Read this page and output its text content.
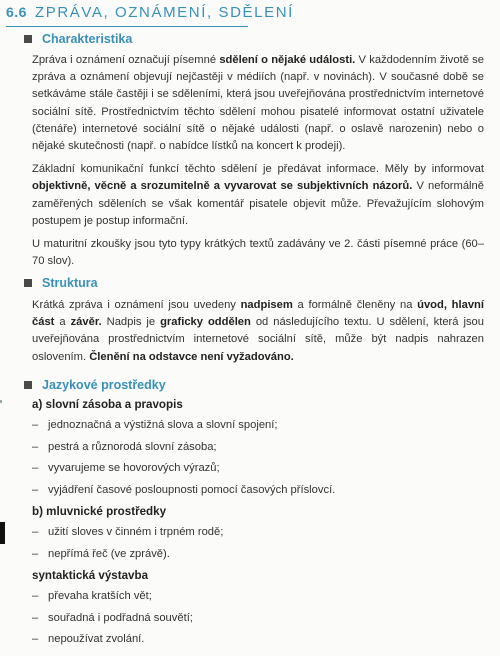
6.6 ZPRÁVA, OZNÁMENÍ, SDĚLENÍ
Charakteristika

Zpráva i oznámení označují písemné sdělení o nějaké události. V každodenním životě se zpráva a oznámení objevují nejčastěji v médiích (např. v novinách). V současné době se setkáváme stále častěji i se sděleními, která jsou uveřejňována prostřednictvím internetové sociální sítě. Prostřednictvím těchto sdělení mohou pisatelé informovat ostatní uživatele (čtenáře) internetové sociální sítě o nějaké události (např. o oslavě narozenin) nebo o nějaké skutečnosti (např. o nabídce lístků na koncert k prodeji).

Základní komunikační funkcí těchto sdělení je předávat informace. Měly by informovat objektivně, věcně a srozumitelně a vyvarovat se subjektivních názorů. V neformálně zaměřených sděleních se však komentář pisatele objevit může. Převažujícím slohovým postupem je postup informační.

U maturitní zkoušky jsou tyto typy krátkých textů zadávány ve 2. části písemné práce (60–70 slov).

Struktura

Krátká zpráva i oznámení jsou uvedeny nadpisem a formálně členěny na úvod, hlavní část a závěr. Nadpis je graficky oddělen od následujícího textu. U sdělení, která jsou uveřejňována prostřednictvím internetové sociální sítě, může být nadpis nahrazen oslovením. Členění na odstavce není vyžadováno.

Jazykové prostředky
a) slovní zásoba a pravopis
– jednoznačná a výstižná slova a slovní spojení;
– pestrá a různorodá slovní zásoba;
– vyvarujeme se hovorových výrazů;
– vyjádření časové posloupnosti pomocí časových příslovcí.
b) mluvnické prostředky
– užití sloves v činném i trpném rodě;
– nepřímá řeč (ve zprávě).
syntaktická výstavba
– převaha kratších vět;
– souřadná i podřadná souvětí;
– nepoužívat zvolání.
